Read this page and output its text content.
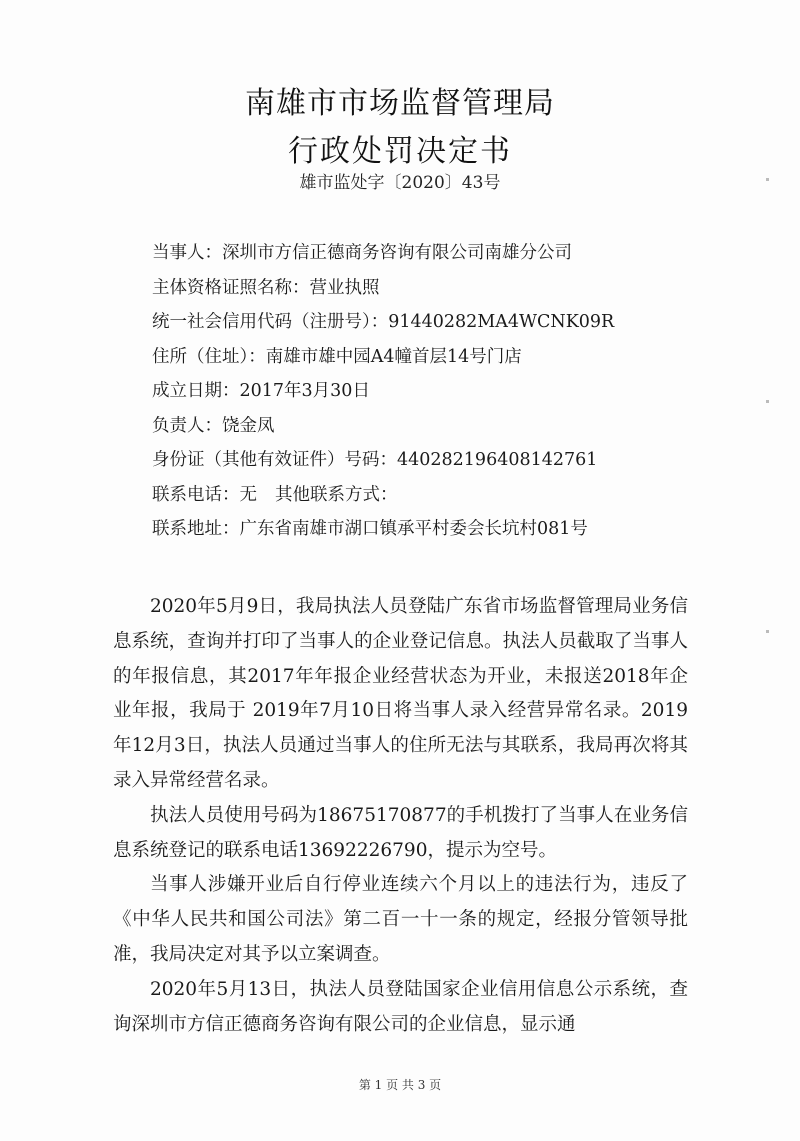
南雄市市场监督管理局
行政处罚决定书
雄市监处字〔2020〕43号
当事人：深圳市方信正德商务咨询有限公司南雄分公司
主体资格证照名称：营业执照
统一社会信用代码（注册号）：91440282MA4WCNK09R
住所（住址）：南雄市雄中园A4幢首层14号门店
成立日期：2017年3月30日
负责人：饶金凤
身份证（其他有效证件）号码：440282196408142761
联系电话：无 其他联系方式：
联系地址：广东省南雄市湖口镇承平村委会长坑村081号

2020年5月9日，我局执法人员登陆广东省市场监督管理局业务信息系统，查询并打印了当事人的企业登记信息。执法人员截取了当事人的年报信息，其2017年年报企业经营状态为开业，未报送2018年企业年报，我局于 2019年7月10日将当事人录入经营异常名录。2019年12月3日，执法人员通过当事人的住所无法与其联系，我局再次将其录入异常经营名录。

执法人员使用号码为18675170877的手机拨打了当事人在业务信息系统登记的联系电话13692226790，提示为空号。

当事人涉嫌开业后自行停业连续六个月以上的违法行为，违反了《中华人民共和国公司法》第二百一十一条的规定，经报分管领导批准，我局决定对其予以立案调查。

2020年5月13日，执法人员登陆国家企业信用信息公示系统，查询深圳市方信正德商务咨询有限公司的企业信息，显示通

第 1 页 共 3 页
